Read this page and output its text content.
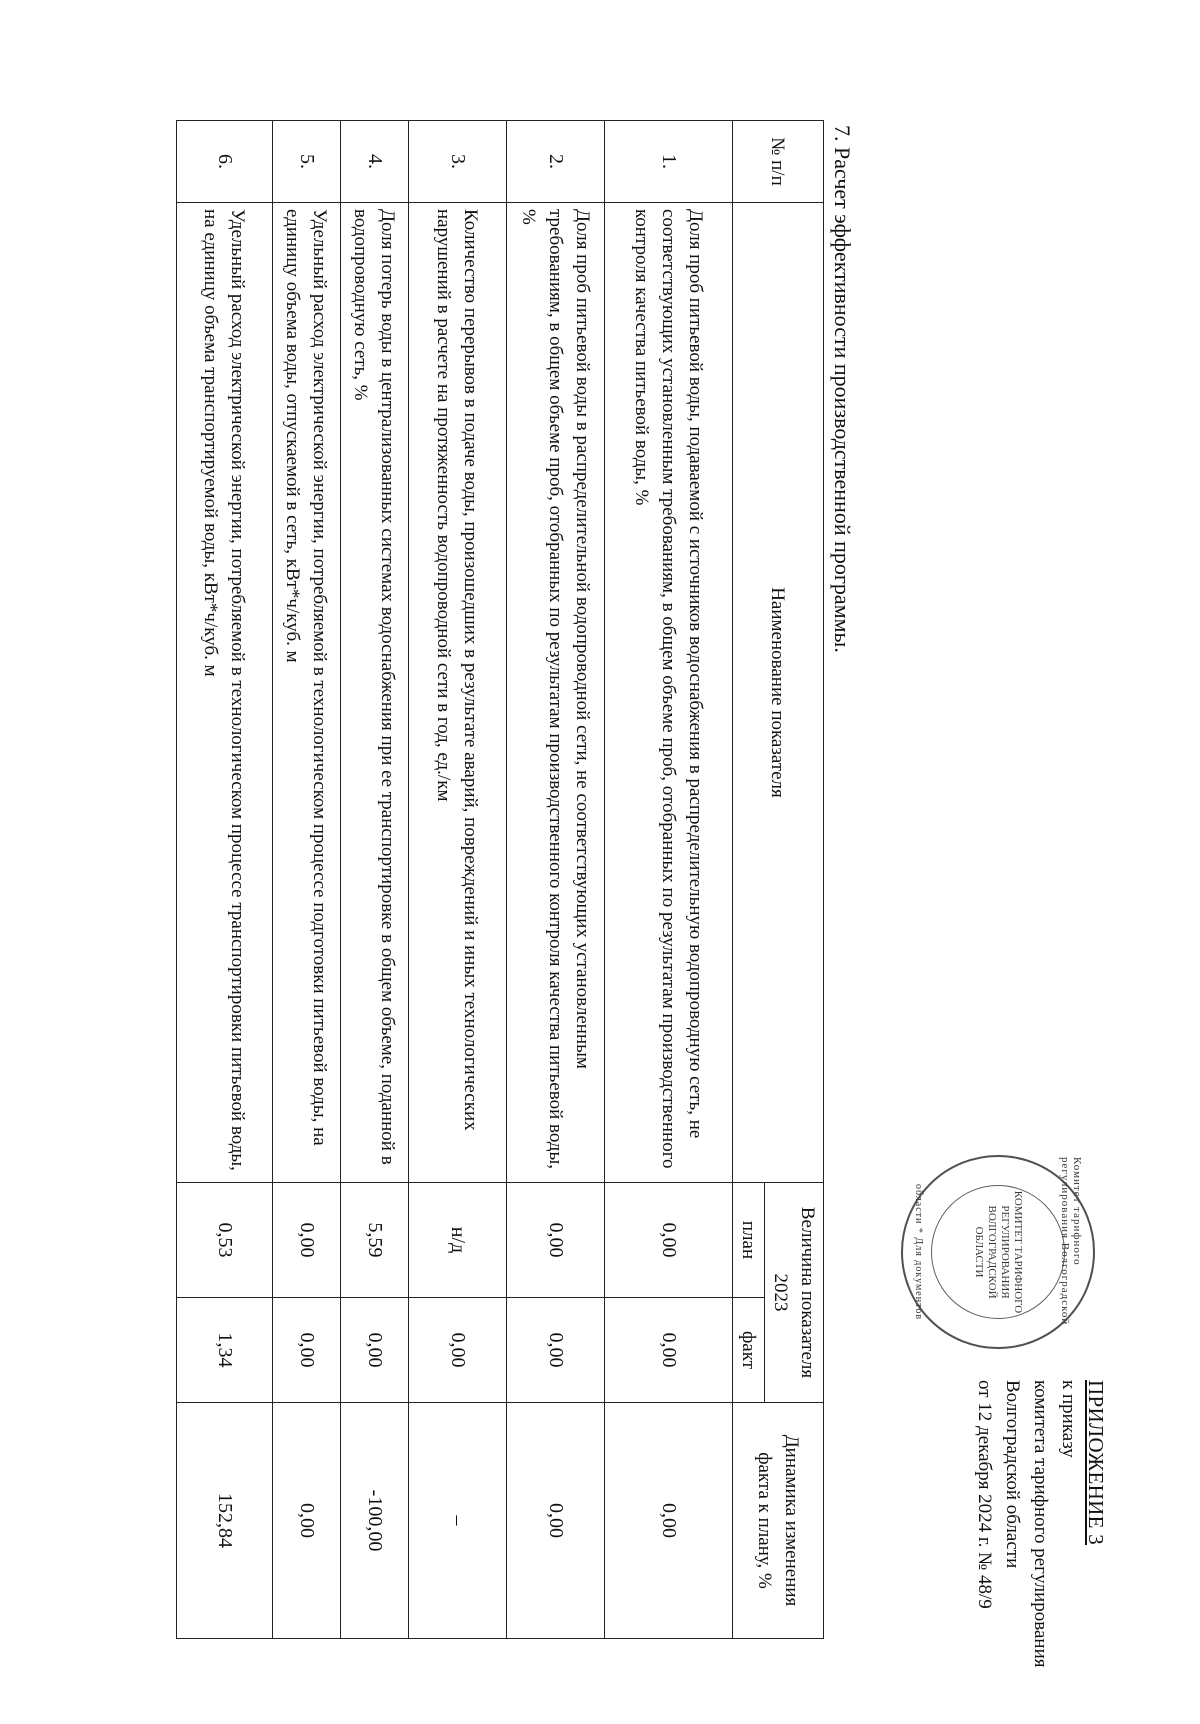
Комитет тарифного регулирования Волгоградской
КОМИТЕТ ТАРИФНОГО РЕГУЛИРОВАНИЯ ВОЛГОГРАДСКОЙ ОБЛАСТИ
области * Для документов
ПРИЛОЖЕНИЕ 3
к приказу
комитета тарифного регулирования
Волгоградской области
от 12 декабря 2024 г. № 48/9
7. Расчет эффективности производственной программы.
№ п/п	Наименование показателя	Величина показателя 2023		Динамика изменения факта к плану, %
		план	факт	
1.	Доля проб питьевой воды, подаваемой с источников водоснабжения в распределительную водопроводную сеть, не соответствующих установленным требованиям, в общем объеме проб, отобранных по результатам производственного контроля качества питьевой воды, %	0,00	0,00	0,00
2.	Доля проб питьевой воды в распределительной водопроводной сети, не соответствующих установленным требованиям, в общем объеме проб, отобранных по результатам производственного контроля качества питьевой воды, %	0,00	0,00	0,00
3.	Количество перерывов в подаче воды, произошедших в результате аварий, повреждений и иных технологических нарушений в расчете на протяженность водопроводной сети в год, ед./км	н/д	0,00	–
4.	Доля потерь воды в централизованных системах водоснабжения при ее транспортировке в общем объеме, поданной в водопроводную сеть, %	5,59	0,00	-100,00
5.	Удельный расход электрической энергии, потребляемой в технологическом процессе подготовки питьевой воды, на единицу объема воды, отпускаемой в сеть, кВт*ч/куб. м	0,00	0,00	0,00
6.	Удельный расход электрической энергии, потребляемой в технологическом процессе транспортировки питьевой воды, на единицу объема транспортируемой воды, кВт*ч/куб. м	0,53	1,34	152,84
